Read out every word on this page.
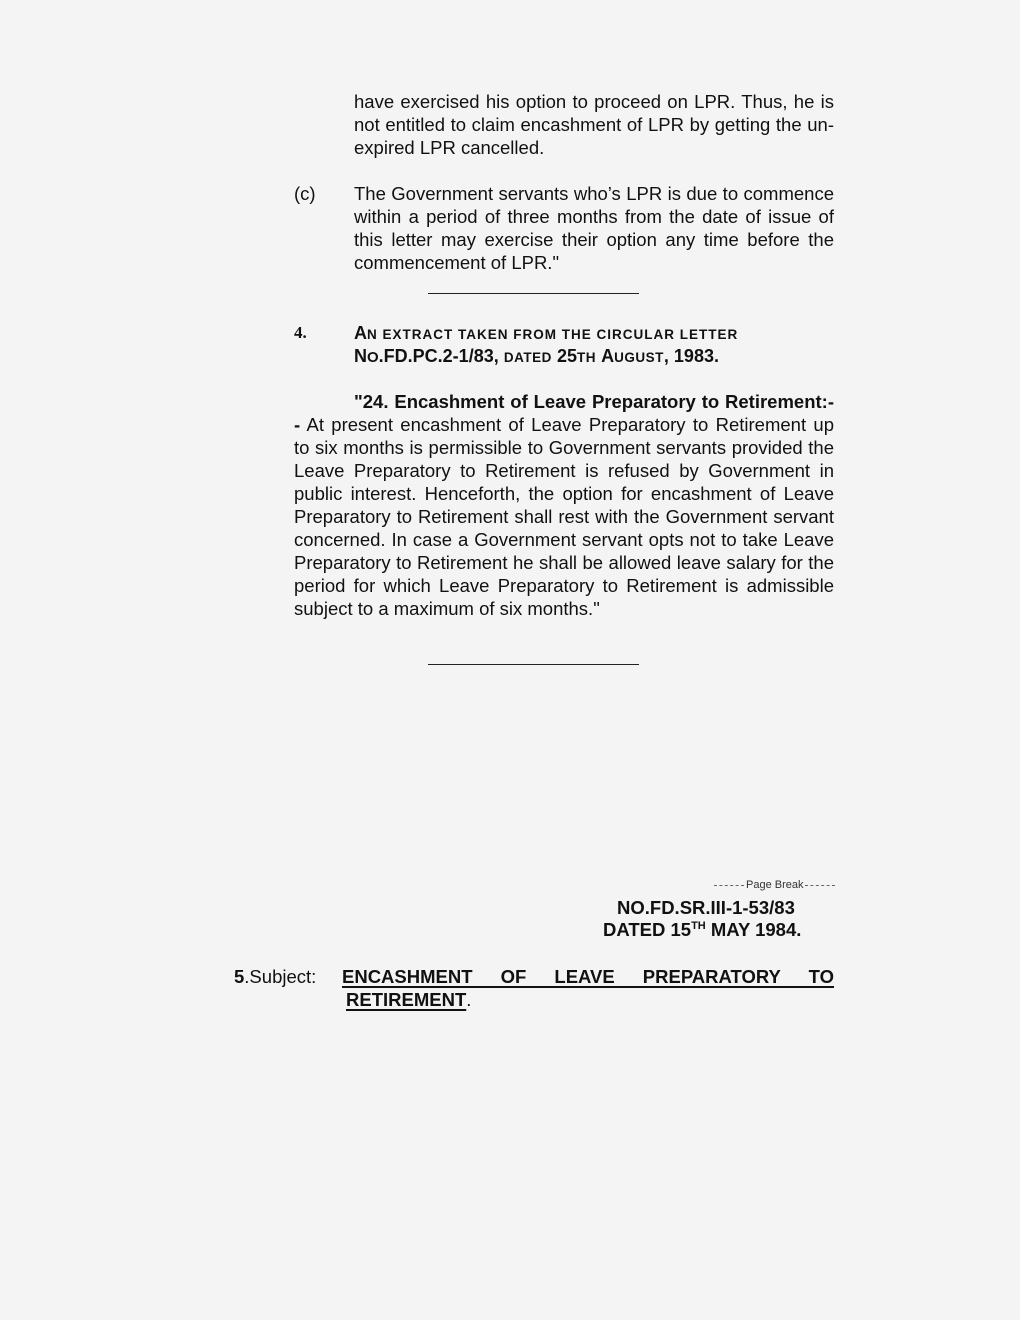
have exercised his option to proceed on LPR. Thus, he is not entitled to claim encashment of LPR by getting the un-expired LPR cancelled.
(c) The Government servants who’s LPR is due to commence within a period of three months from the date of issue of this letter may exercise their option any time before the commencement of LPR."
4.	AN EXTRACT TAKEN FROM THE CIRCULAR LETTER
NO.FD.PC.2-1/83, DATED 25TH AUGUST, 1983.
"24. Encashment of Leave Preparatory to Retirement:-- At present encashment of Leave Preparatory to Retirement up to six months is permissible to Government servants provided the Leave Preparatory to Retirement is refused by Government in public interest. Henceforth, the option for encashment of Leave Preparatory to Retirement shall rest with the Government servant concerned. In case a Government servant opts not to take Leave Preparatory to Retirement he shall be allowed leave salary for the period for which Leave Preparatory to Retirement is admissible subject to a maximum of six months."
Page Break
NO.FD.SR.III-1-53/83
DATED 15TH MAY 1984.
5.Subject: ENCASHMENT OF LEAVE PREPARATORY TO
RETIREMENT.
